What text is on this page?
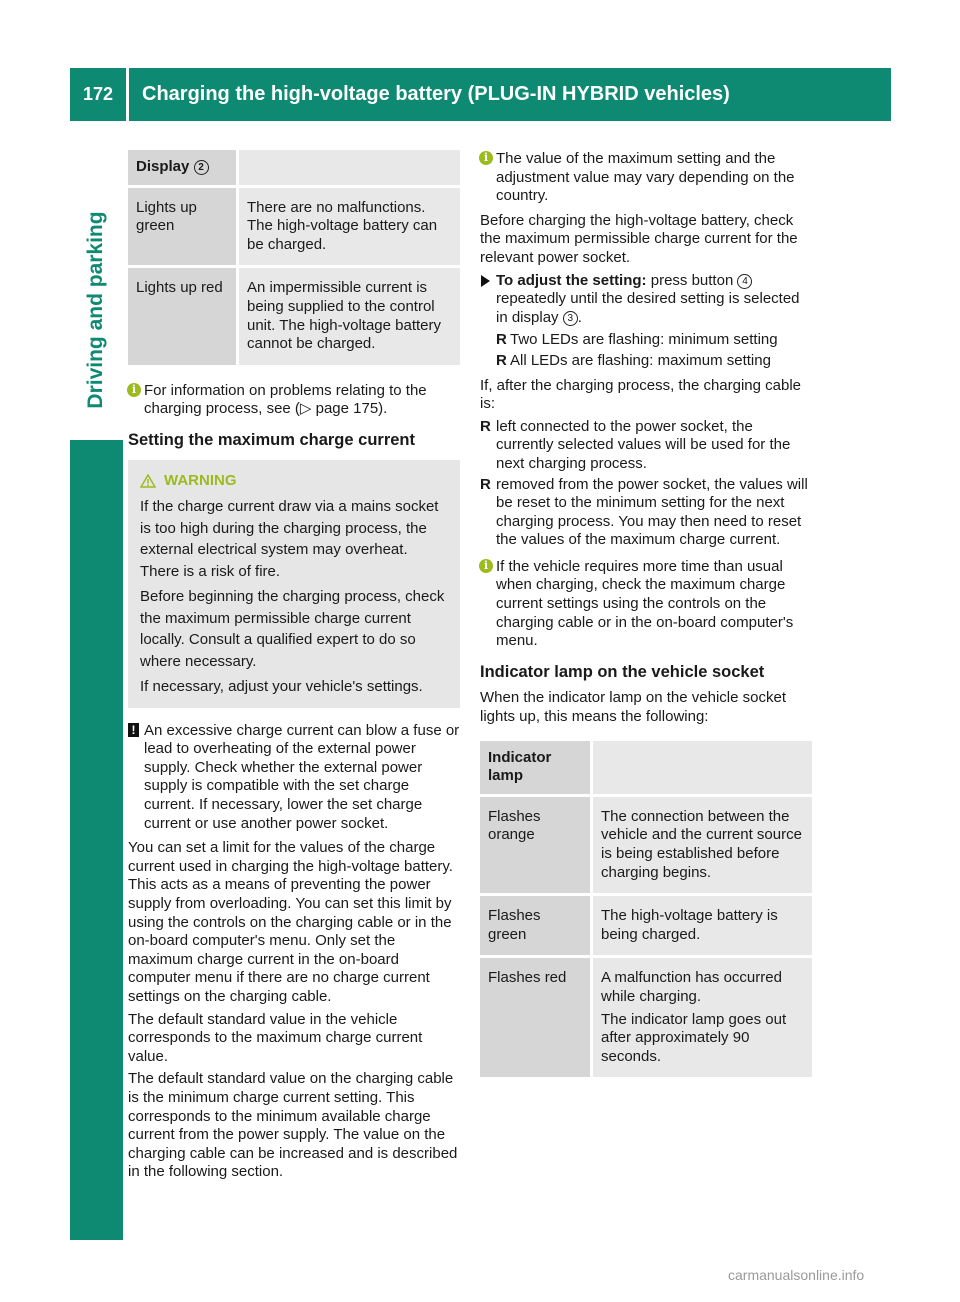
172	Charging the high-voltage battery (PLUG-IN HYBRID vehicles)
Driving and parking
Display 2	
Lights up green	There are no malfunctions. The high-voltage battery can be charged.
Lights up red	An impermissible current is being supplied to the control unit. The high-voltage battery cannot be charged.
i For information on problems relating to the charging process, see (▷ page 175).
Setting the maximum charge current
WARNING

If the charge current draw via a mains socket is too high during the charging process, the external electrical system may overheat. There is a risk of fire.

Before beginning the charging process, check the maximum permissible charge current locally. Consult a qualified expert to do so where necessary.

If necessary, adjust your vehicle's settings.

! An excessive charge current can blow a fuse or lead to overheating of the external power supply. Check whether the external power supply is compatible with the set charge current. If necessary, lower the set charge current or use another power socket.

You can set a limit for the values of the charge current used in charging the high-voltage battery. This acts as a means of preventing the power supply from overloading. You can set this limit by using the controls on the charging cable or in the on-board computer's menu. Only set the maximum charge current in the on-board computer menu if there are no charge current settings on the charging cable.

The default standard value in the vehicle corresponds to the maximum charge current value.

The default standard value on the charging cable is the minimum charge current setting. This corresponds to the minimum available charge current from the power supply. The value on the charging cable can be increased and is described in the following section.

i The value of the maximum setting and the adjustment value may vary depending on the country.

Before charging the high-voltage battery, check the maximum permissible charge current for the relevant power socket.

To adjust the setting: press button 4 repeatedly until the desired setting is selected in display 3 .
R Two LEDs are flashing: minimum setting
R All LEDs are flashing: maximum setting

If, after the charging process, the charging cable is:

R left connected to the power socket, the currently selected values will be used for the next charging process.
R removed from the power socket, the values will be reset to the minimum setting for the next charging process. You may then need to reset the values of the maximum charge current.
i If the vehicle requires more time than usual when charging, check the maximum charge current settings using the controls on the charging cable or in the on-board computer's menu.
Indicator lamp on the vehicle socket

When the indicator lamp on the vehicle socket lights up, this means the following:

Indicator lamp	
Flashes orange	The connection between the vehicle and the current source is being established before charging begins.
Flashes green	The high-voltage battery is being charged.
Flashes red	A malfunction has occurred while charging.
The indicator lamp goes out after approximately 90 seconds.
carmanualsonline.info
